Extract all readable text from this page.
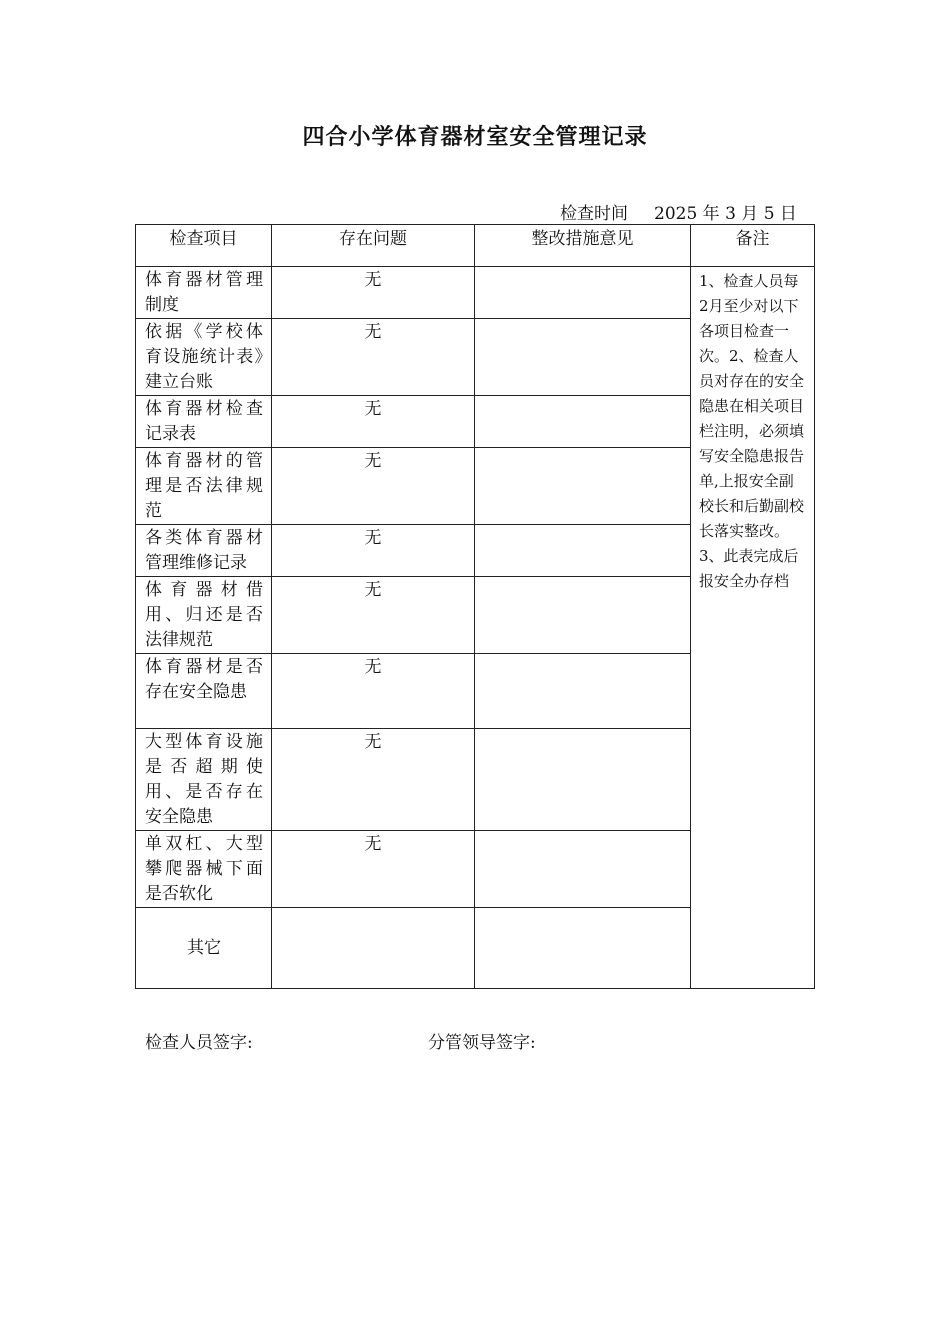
四合小学体育器材室安全管理记录
检查时间 2025 年 3 月 5 日
检查项目	存在问题	整改措施意见	备注
体育器材管理制度	无		1、检查人员每2月至少对以下各项目检查一次。2、检查人员对存在的安全隐患在相关项目栏注明，必须填写安全隐患报告单,上报安全副校长和后勤副校长落实整改。3、此表完成后报安全办存档
依据《学校体育设施统计表》建立台账	无		
体育器材检查记录表	无		
体育器材的管理是否法律规范	无		
各类体育器材管理维修记录	无		
体育器材借用、归还是否法律规范	无		
体育器材是否存在安全隐患	无		
大型体育设施是否超期使用、是否存在安全隐患	无		
单双杠、大型攀爬器械下面是否软化	无		
其它			
检查人员签字:	分管领导签字:
